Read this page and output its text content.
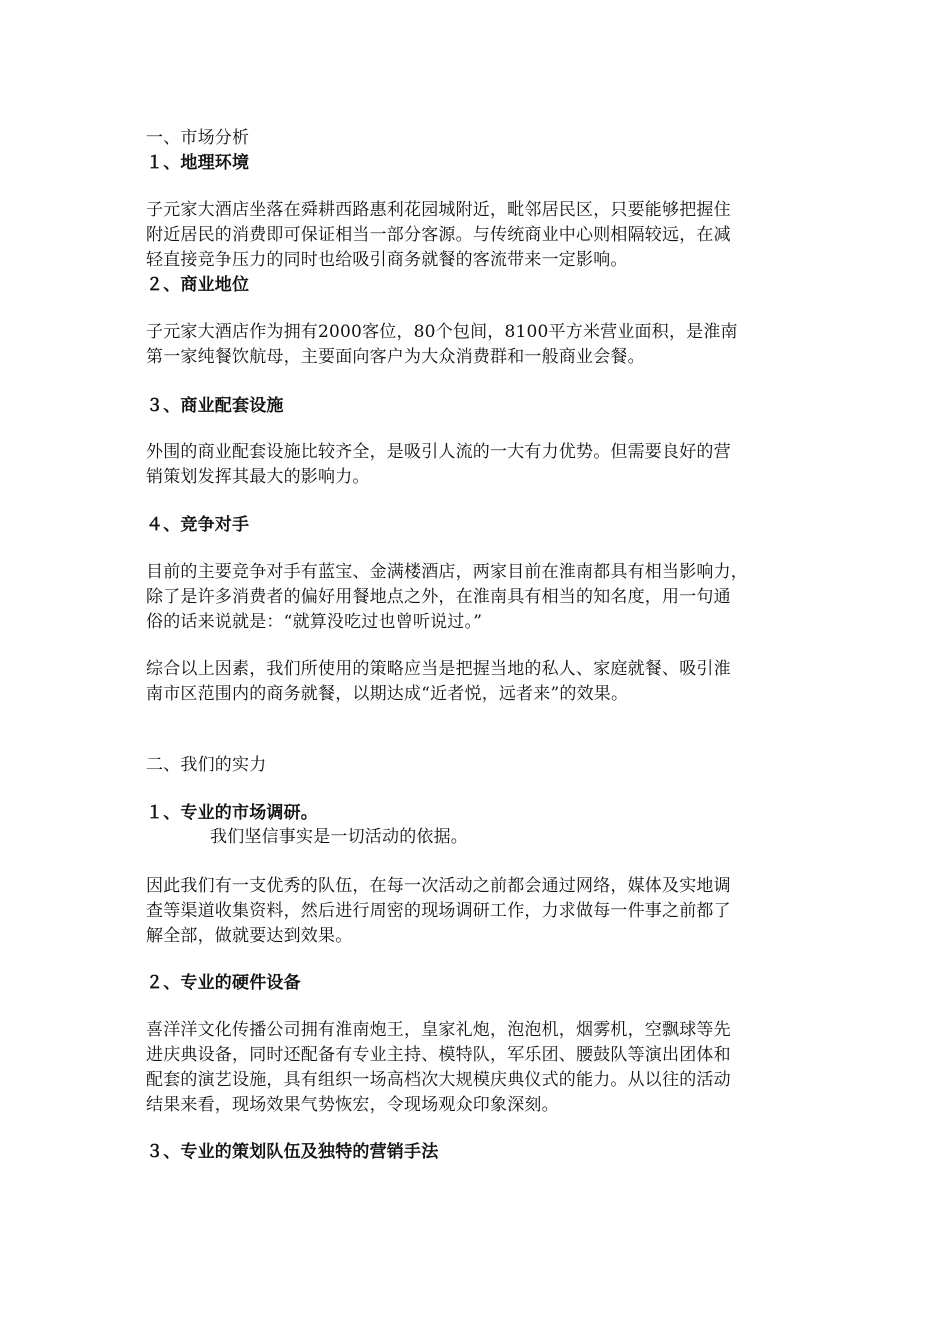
一、市场分析
１、地理环境
子元家大酒店坐落在舜耕西路惠利花园城附近，毗邻居民区，只要能够把握住
附近居民的消费即可保证相当一部分客源。与传统商业中心则相隔较远，在减
轻直接竞争压力的同时也给吸引商务就餐的客流带来一定影响。
２、商业地位
子元家大酒店作为拥有2000客位，80个包间，8100平方米营业面积，是淮南
第一家纯餐饮航母，主要面向客户为大众消费群和一般商业会餐。
３、商业配套设施
外围的商业配套设施比较齐全，是吸引人流的一大有力优势。但需要良好的营
销策划发挥其最大的影响力。
４、竞争对手
目前的主要竞争对手有蓝宝、金满楼酒店，两家目前在淮南都具有相当影响力，
除了是许多消费者的偏好用餐地点之外，在淮南具有相当的知名度，用一句通
俗的话来说就是：“就算没吃过也曾听说过。”
综合以上因素，我们所使用的策略应当是把握当地的私人、家庭就餐、吸引淮
南市区范围内的商务就餐，以期达成“近者悦，远者来”的效果。
二、我们的实力
１、专业的市场调研。
我们坚信事实是一切活动的依据。
因此我们有一支优秀的队伍，在每一次活动之前都会通过网络，媒体及实地调
查等渠道收集资料，然后进行周密的现场调研工作，力求做每一件事之前都了
解全部，做就要达到效果。
２、专业的硬件设备
喜洋洋文化传播公司拥有淮南炮王，皇家礼炮，泡泡机，烟雾机，空飘球等先
进庆典设备，同时还配备有专业主持、模特队，军乐团、腰鼓队等演出团体和
配套的演艺设施，具有组织一场高档次大规模庆典仪式的能力。从以往的活动
结果来看，现场效果气势恢宏，令现场观众印象深刻。
３、专业的策划队伍及独特的营销手法
